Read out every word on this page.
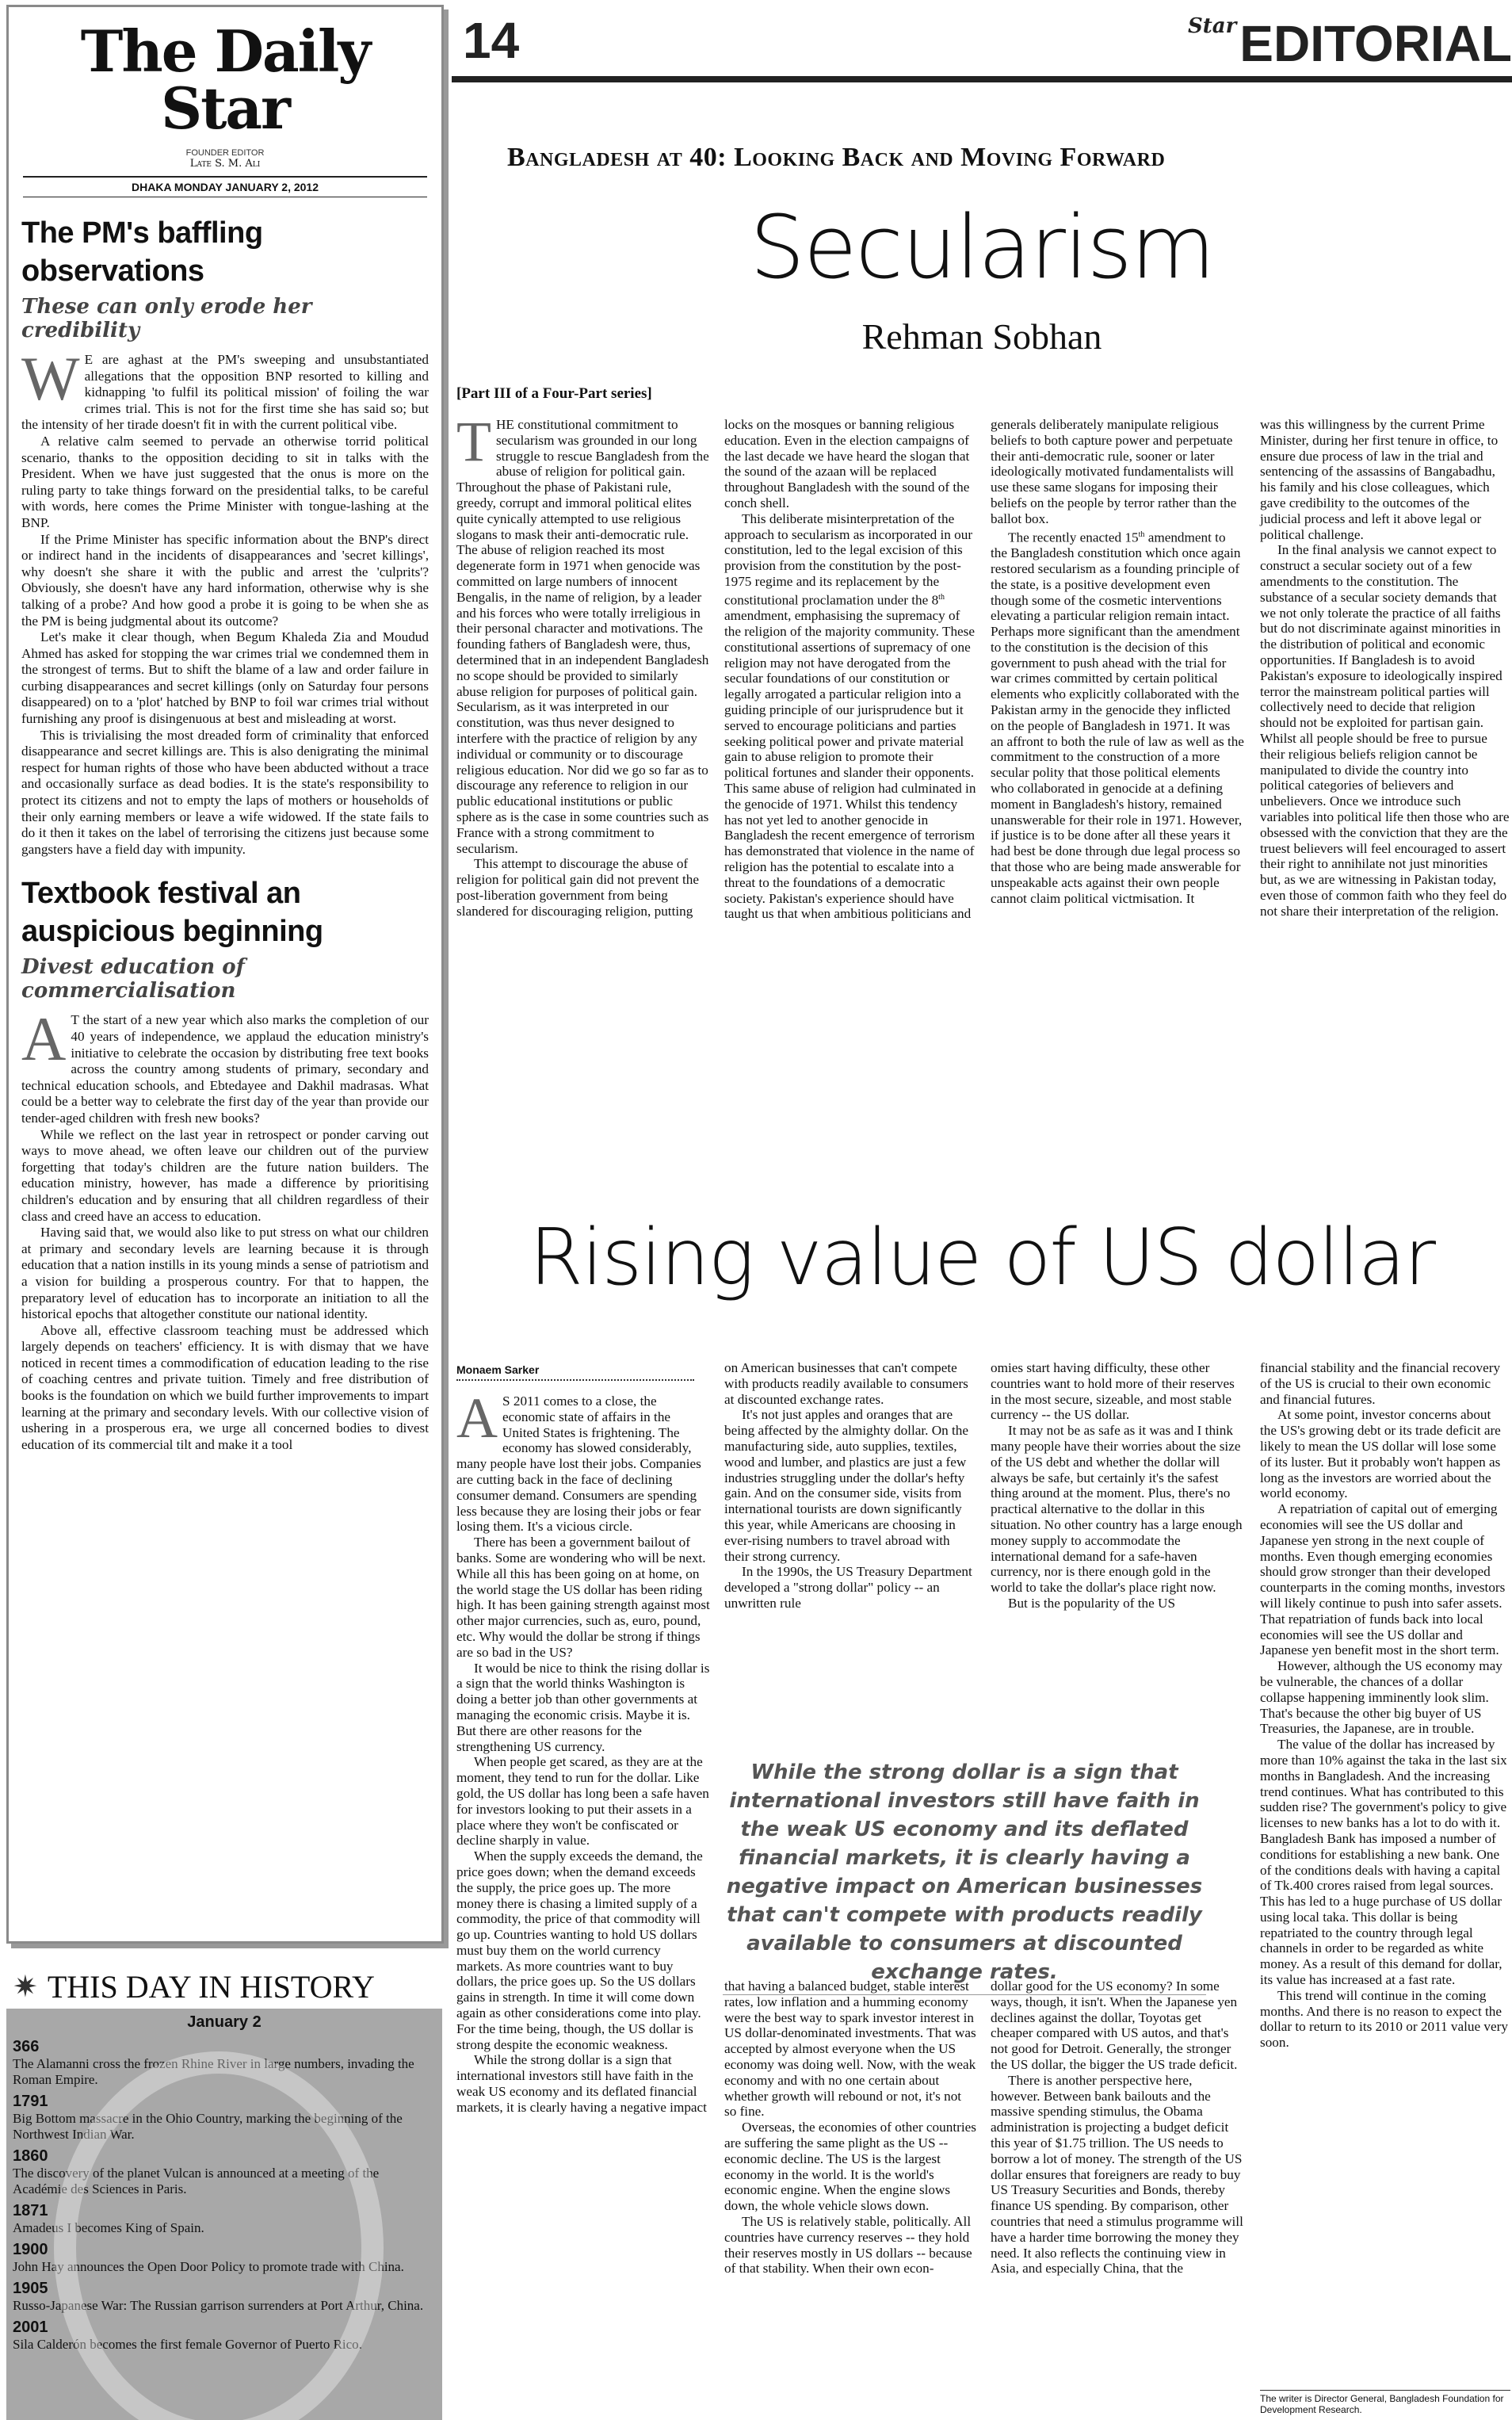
The Daily Star
FOUNDER EDITOR
Late S. M. Ali
DHAKA MONDAY JANUARY 2, 2012
The PM's baffling observations
These can only erode her credibility

W E are aghast at the PM's sweeping and unsubstantiated allegations that the opposition BNP resorted to killing and kidnapping 'to fulfil its political mission' of foiling the war crimes trial. This is not for the first time she has said so; but the intensity of her tirade doesn't fit in with the current political vibe.

A relative calm seemed to pervade an otherwise torrid political scenario, thanks to the opposition deciding to sit in talks with the President. When we have just suggested that the onus is more on the ruling party to take things forward on the presidential talks, to be careful with words, here comes the Prime Minister with tongue-lashing at the BNP.

If the Prime Minister has specific information about the BNP's direct or indirect hand in the incidents of disappearances and 'secret killings', why doesn't she share it with the public and arrest the 'culprits'? Obviously, she doesn't have any hard information, otherwise why is she talking of a probe? And how good a probe it is going to be when she as the PM is being judgmental about its outcome?

Let's make it clear though, when Begum Khaleda Zia and Moudud Ahmed has asked for stopping the war crimes trial we condemned them in the strongest of terms. But to shift the blame of a law and order failure in curbing disappearances and secret killings (only on Saturday four persons disappeared) on to a 'plot' hatched by BNP to foil war crimes trial without furnishing any proof is disingenuous at best and misleading at worst.

This is trivialising the most dreaded form of criminality that enforced disappearance and secret killings are. This is also denigrating the minimal respect for human rights of those who have been abducted without a trace and occasionally surface as dead bodies. It is the state's responsibility to protect its citizens and not to empty the laps of mothers or households of their only earning members or leave a wife widowed. If the state fails to do it then it takes on the label of terrorising the citizens just because some gangsters have a field day with impunity.

Textbook festival an auspicious beginning
Divest education of commercialisation

A T the start of a new year which also marks the completion of our 40 years of independence, we applaud the education ministry's initiative to celebrate the occasion by distributing free text books across the country among students of primary, secondary and technical education schools, and Ebtedayee and Dakhil madrasas. What could be a better way to celebrate the first day of the year than provide our tender-aged children with fresh new books?

While we reflect on the last year in retrospect or ponder carving out ways to move ahead, we often leave our children out of the purview forgetting that today's children are the future nation builders. The education ministry, however, has made a difference by prioritising children's education and by ensuring that all children regardless of their class and creed have an access to education.

Having said that, we would also like to put stress on what our children at primary and secondary levels are learning because it is through education that a nation instills in its young minds a sense of patriotism and a vision for building a prosperous country. For that to happen, the preparatory level of education has to incorporate an initiation to all the historical epochs that altogether constitute our national identity.

Above all, effective classroom teaching must be addressed which largely depends on teachers' efficiency. It is with dismay that we have noticed in recent times a commodification of education leading to the rise of coaching centres and private tuition. Timely and free distribution of books is the foundation on which we build further improvements to impart learning at the primary and secondary levels. With our collective vision of ushering in a prosperous era, we urge all concerned bodies to divest education of its commercial tilt and make it a tool

✷ THIS DAY IN HISTORY
January 2
366
The Alamanni cross the frozen Rhine River in large numbers, invading the Roman Empire.
1791
Big Bottom massacre in the Ohio Country, marking the beginning of the Northwest Indian War.
1860
The discovery of the planet Vulcan is announced at a meeting of the Académie des Sciences in Paris.
1871
Amadeus I becomes King of Spain.
1900
John Hay announces the Open Door Policy to promote trade with China.
1905
Russo-Japanese War: The Russian garrison surrenders at Port Arthur, China.
2001
Sila Calderón becomes the first female Governor of Puerto Rico.
14	$^{Star}$EDITORIAL
Bangladesh at 40: Looking Back and Moving Forward
Secularism
Rehman Sobhan
[Part III of a Four-Part series]

THE constitutional commitment to secularism was grounded in our long struggle to rescue Bangladesh from the abuse of religion for political gain. Throughout the phase of Pakistani rule, greedy, corrupt and immoral political elites quite cynically attempted to use religious slogans to mask their anti-democratic rule. The abuse of religion reached its most degenerate form in 1971 when genocide was committed on large numbers of innocent Bengalis, in the name of religion, by a leader and his forces who were totally irreligious in their personal character and motivations. The founding fathers of Bangladesh were, thus, determined that in an independent Bangladesh no scope should be provided to similarly abuse religion for purposes of political gain. Secularism, as it was interpreted in our constitution, was thus never designed to interfere with the practice of religion by any individual or community or to discourage religious education. Nor did we go so far as to discourage any reference to religion in our public educational institutions or public sphere as is the case in some countries such as France with a strong commitment to secularism.

This attempt to discourage the abuse of religion for political gain did not prevent the post-liberation government from being slandered for discouraging religion, putting

locks on the mosques or banning religious education. Even in the election campaigns of the last decade we have heard the slogan that the sound of the azaan will be replaced throughout Bangladesh with the sound of the conch shell.

This deliberate misinterpretation of the approach to secularism as incorporated in our constitution, led to the legal excision of this provision from the constitution by the post-1975 regime and its replacement by the constitutional proclamation under the 8th amendment, emphasising the supremacy of the religion of the majority community. These constitutional assertions of supremacy of one religion may not have derogated from the secular foundations of our constitution or legally arrogated a particular religion into a guiding principle of our jurisprudence but it served to encourage politicians and parties seeking political power and private material gain to abuse religion to promote their political fortunes and slander their opponents. This same abuse of religion had culminated in the genocide of 1971. Whilst this tendency has not yet led to another genocide in Bangladesh the recent emergence of terrorism has demonstrated that violence in the name of religion has the potential to escalate into a threat to the foundations of a democratic society. Pakistan's experience should have taught us that when ambitious politicians and

generals deliberately manipulate religious beliefs to both capture power and perpetuate their anti-democratic rule, sooner or later ideologically motivated fundamentalists will use these same slogans for imposing their beliefs on the people by terror rather than the ballot box.

The recently enacted 15th amendment to the Bangladesh constitution which once again restored secularism as a founding principle of the state, is a positive development even though some of the cosmetic interventions elevating a particular religion remain intact. Perhaps more significant than the amendment to the constitution is the decision of this government to push ahead with the trial for war crimes committed by certain political elements who explicitly collaborated with the Pakistan army in the genocide they inflicted on the people of Bangladesh in 1971. It was an affront to both the rule of law as well as the commitment to the construction of a more secular polity that those political elements who collaborated in genocide at a defining moment in Bangladesh's history, remained unanswerable for their role in 1971. However, if justice is to be done after all these years it had best be done through due legal process so that those who are being made answerable for unspeakable acts against their own people cannot claim political victmisation. It

was this willingness by the current Prime Minister, during her first tenure in office, to ensure due process of law in the trial and sentencing of the assassins of Bangabadhu, his family and his close colleagues, which gave credibility to the outcomes of the judicial process and left it above legal or political challenge.

In the final analysis we cannot expect to construct a secular society out of a few amendments to the constitution. The substance of a secular society demands that we not only tolerate the practice of all faiths but do not discriminate against minorities in the distribution of political and economic opportunities. If Bangladesh is to avoid Pakistan's exposure to ideologically inspired terror the mainstream political parties will collectively need to decide that religion should not be exploited for partisan gain. Whilst all people should be free to pursue their religious beliefs religion cannot be manipulated to divide the country into political categories of believers and unbelievers. Once we introduce such variables into political life then those who are obsessed with the conviction that they are the truest believers will feel encouraged to assert their right to annihilate not just minorities but, as we are witnessing in Pakistan today, even those of common faith who they feel do not share their interpretation of the religion.

Rising value of US dollar
Monaem Sarker

A S 2011 comes to a close, the economic state of affairs in the United States is frightening. The economy has slowed considerably, many people have lost their jobs. Companies are cutting back in the face of declining consumer demand. Consumers are spending less because they are losing their jobs or fear losing them. It's a vicious circle.

There has been a government bailout of banks. Some are wondering who will be next. While all this has been going on at home, on the world stage the US dollar has been riding high. It has been gaining strength against most other major currencies, such as, euro, pound, etc. Why would the dollar be strong if things are so bad in the US?

It would be nice to think the rising dollar is a sign that the world thinks Washington is doing a better job than other governments at managing the economic crisis. Maybe it is. But there are other reasons for the strengthening US currency.

When people get scared, as they are at the moment, they tend to run for the dollar. Like gold, the US dollar has long been a safe haven for investors looking to put their assets in a place where they won't be confiscated or decline sharply in value.

When the supply exceeds the demand, the price goes down; when the demand exceeds the supply, the price goes up. The more money there is chasing a limited supply of a commodity, the price of that commodity will go up. Countries wanting to hold US dollars must buy them on the world currency markets. As more countries want to buy dollars, the price goes up. So the US dollars gains in strength. In time it will come down again as other considerations come into play. For the time being, though, the US dollar is strong despite the economic weakness.

While the strong dollar is a sign that international investors still have faith in the weak US economy and its deflated financial markets, it is clearly having a negative impact

on American businesses that can't compete with products readily available to consumers at discounted exchange rates.

It's not just apples and oranges that are being affected by the almighty dollar. On the manufacturing side, auto supplies, textiles, wood and lumber, and plastics are just a few industries struggling under the dollar's hefty gain. And on the consumer side, visits from international tourists are down significantly this year, while Americans are choosing in ever-rising numbers to travel abroad with their strong currency.

In the 1990s, the US Treasury Department developed a "strong dollar" policy -- an unwritten rule

omies start having difficulty, these other countries want to hold more of their reserves in the most secure, sizeable, and most stable currency -- the US dollar.

It may not be as safe as it was and I think many people have their worries about the size of the US debt and whether the dollar will always be safe, but certainly it's the safest thing around at the moment. Plus, there's no practical alternative to the dollar in this situation. No other country has a large enough money supply to accommodate the international demand for a safe-haven currency, nor is there enough gold in the world to take the dollar's place right now.

But is the popularity of the US

While the strong dollar is a sign that international investors still have faith in the weak US economy and its deflated financial markets, it is clearly having a negative impact on American businesses that can't compete with products readily available to consumers at discounted exchange rates.

that having a balanced budget, stable interest rates, low inflation and a humming economy were the best way to spark investor interest in US dollar-denominated investments. That was accepted by almost everyone when the US economy was doing well. Now, with the weak economy and with no one certain about whether growth will rebound or not, it's not so fine.

Overseas, the economies of other countries are suffering the same plight as the US -- economic decline. The US is the largest economy in the world. It is the world's economic engine. When the engine slows down, the whole vehicle slows down.

The US is relatively stable, politically. All countries have currency reserves -- they hold their reserves mostly in US dollars -- because of that stability. When their own econ-

dollar good for the US economy? In some ways, though, it isn't. When the Japanese yen declines against the dollar, Toyotas get cheaper compared with US autos, and that's not good for Detroit. Generally, the stronger the US dollar, the bigger the US trade deficit.

There is another perspective here, however. Between bank bailouts and the massive spending stimulus, the Obama administration is projecting a budget deficit this year of $1.75 trillion. The US needs to borrow a lot of money. The strength of the US dollar ensures that foreigners are ready to buy US Treasury Securities and Bonds, thereby finance US spending. By comparison, other countries that need a stimulus programme will have a harder time borrowing the money they need. It also reflects the continuing view in Asia, and especially China, that the

financial stability and the financial recovery of the US is crucial to their own economic and financial futures.

At some point, investor concerns about the US's growing debt or its trade deficit are likely to mean the US dollar will lose some of its luster. But it probably won't happen as long as the investors are worried about the world economy.

A repatriation of capital out of emerging economies will see the US dollar and Japanese yen strong in the next couple of months. Even though emerging economies should grow stronger than their developed counterparts in the coming months, investors will likely continue to push into safer assets. That repatriation of funds back into local economies will see the US dollar and Japanese yen benefit most in the short term.

However, although the US economy may be vulnerable, the chances of a dollar collapse happening imminently look slim. That's because the other big buyer of US Treasuries, the Japanese, are in trouble.

The value of the dollar has increased by more than 10% against the taka in the last six months in Bangladesh. And the increasing trend continues. What has contributed to this sudden rise? The government's policy to give licenses to new banks has a lot to do with it. Bangladesh Bank has imposed a number of conditions for establishing a new bank. One of the conditions deals with having a capital of Tk.400 crores raised from legal sources. This has led to a huge purchase of US dollar using local taka. This dollar is being repatriated to the country through legal channels in order to be regarded as white money. As a result of this demand for dollar, its value has increased at a fast rate.

This trend will continue in the coming months. And there is no reason to expect the dollar to return to its 2010 or 2011 value very soon.

The writer is Director General, Bangladesh Foundation for Development Research.
